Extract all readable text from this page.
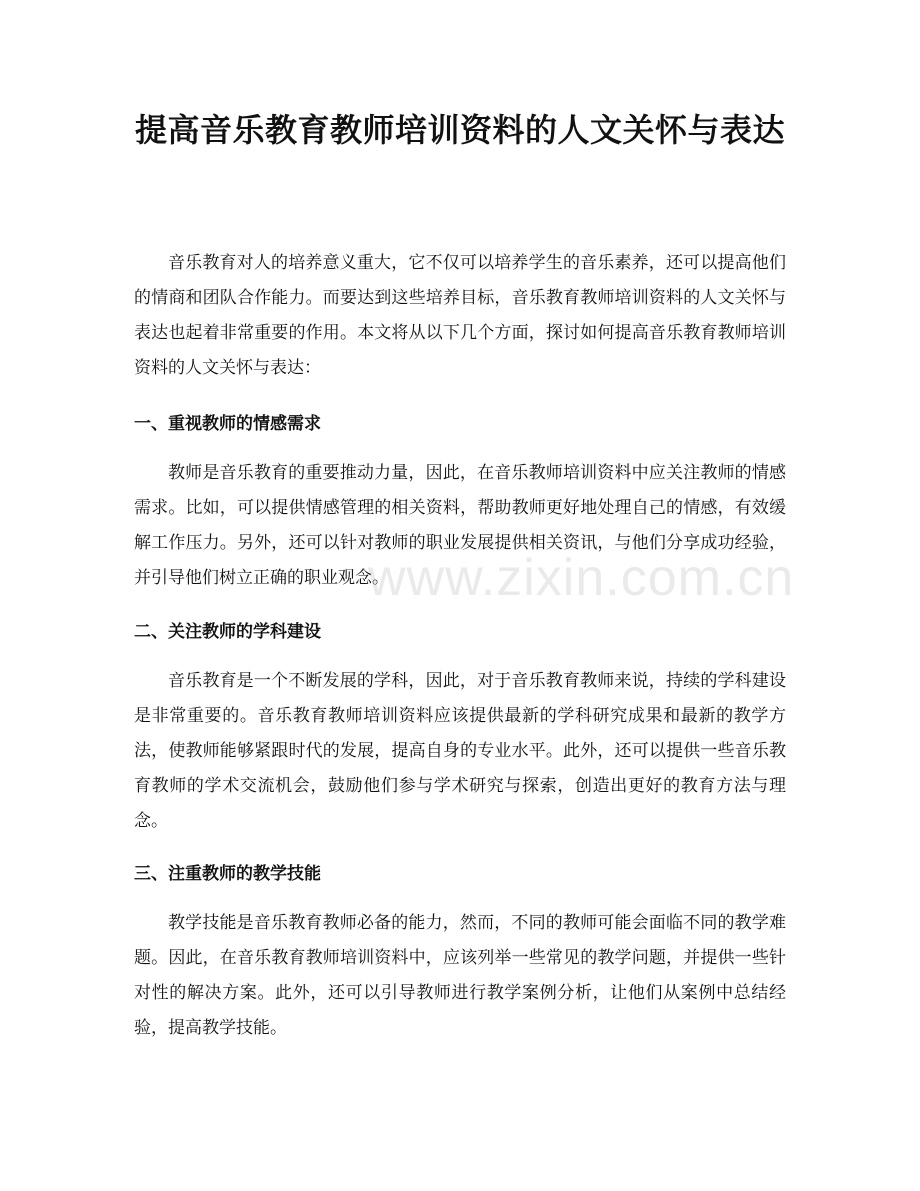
提高音乐教育教师培训资料的人文关怀与表达

音乐教育对人的培养意义重大，它不仅可以培养学生的音乐素养，还可以提高他们的情商和团队合作能力。而要达到这些培养目标，音乐教育教师培训资料的人文关怀与表达也起着非常重要的作用。本文将从以下几个方面，探讨如何提高音乐教育教师培训资料的人文关怀与表达：

一、重视教师的情感需求

教师是音乐教育的重要推动力量，因此，在音乐教师培训资料中应关注教师的情感需求。比如，可以提供情感管理的相关资料，帮助教师更好地处理自己的情感，有效缓解工作压力。另外，还可以针对教师的职业发展提供相关资讯，与他们分享成功经验，并引导他们树立正确的职业观念。

二、关注教师的学科建设

音乐教育是一个不断发展的学科，因此，对于音乐教育教师来说，持续的学科建设是非常重要的。音乐教育教师培训资料应该提供最新的学科研究成果和最新的教学方法，使教师能够紧跟时代的发展，提高自身的专业水平。此外，还可以提供一些音乐教育教师的学术交流机会，鼓励他们参与学术研究与探索，创造出更好的教育方法与理念。

三、注重教师的教学技能

教学技能是音乐教育教师必备的能力，然而，不同的教师可能会面临不同的教学难题。因此，在音乐教育教师培训资料中，应该列举一些常见的教学问题，并提供一些针对性的解决方案。此外，还可以引导教师进行教学案例分析，让他们从案例中总结经验，提高教学技能。

www.zixin.com.cn
